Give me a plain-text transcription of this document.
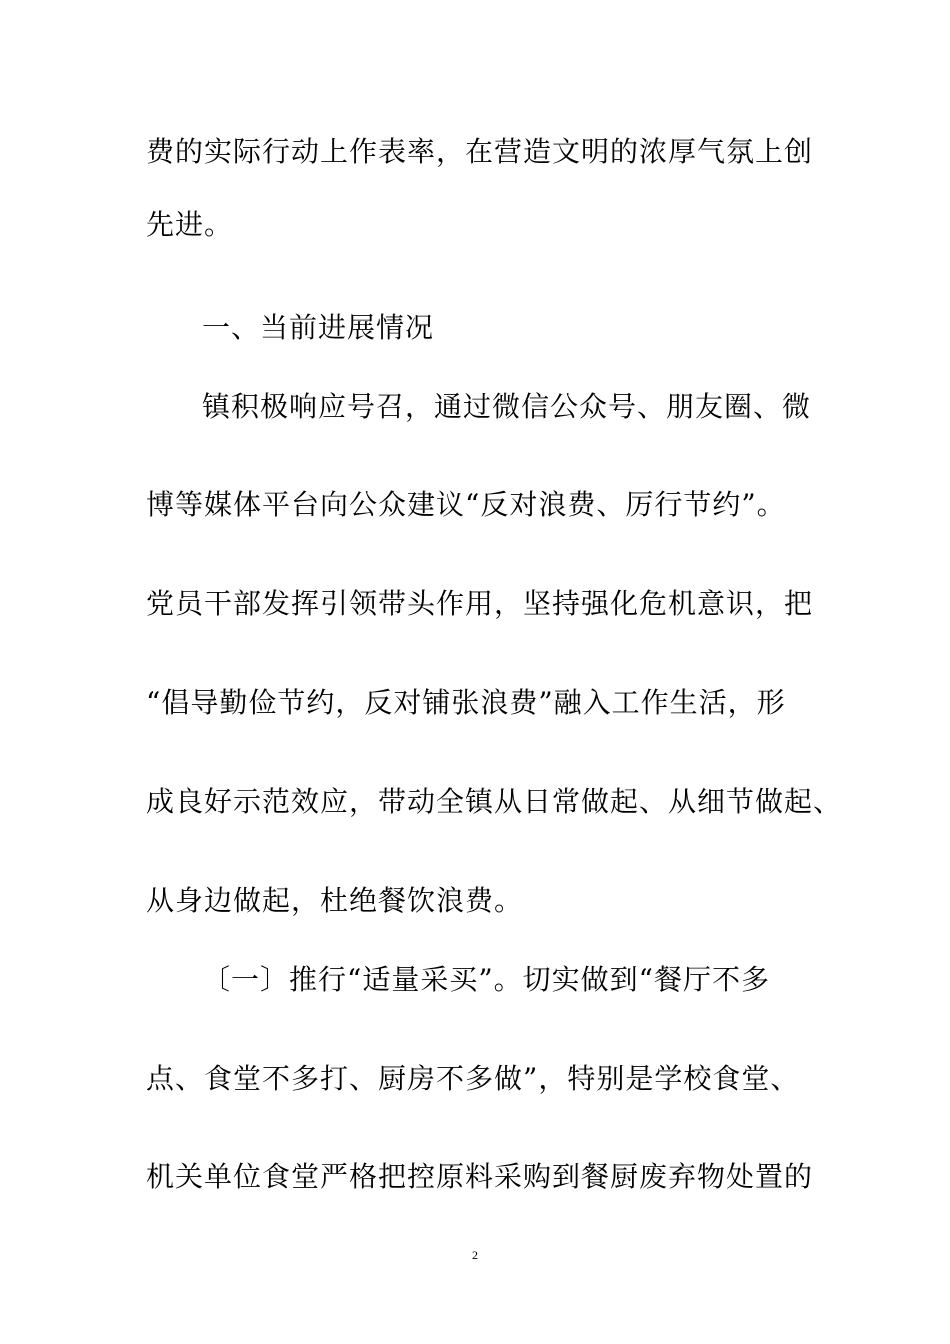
费的实际行动上作表率，在营造文明的浓厚气氛上创
先进。
一、当前进展情况
镇积极响应号召，通过微信公众号、朋友圈、微
博等媒体平台向公众建议“反对浪费、厉行节约”。
党员干部发挥引领带头作用，坚持强化危机意识，把
“倡导勤俭节约，反对铺张浪费”融入工作生活，形
成良好示范效应，带动全镇从日常做起、从细节做起、
从身边做起，杜绝餐饮浪费。
〔一〕推行“适量采买”。切实做到“餐厅不多
点、食堂不多打、厨房不多做”，特别是学校食堂、
机关单位食堂严格把控原料采购到餐厨废弃物处置的
2
